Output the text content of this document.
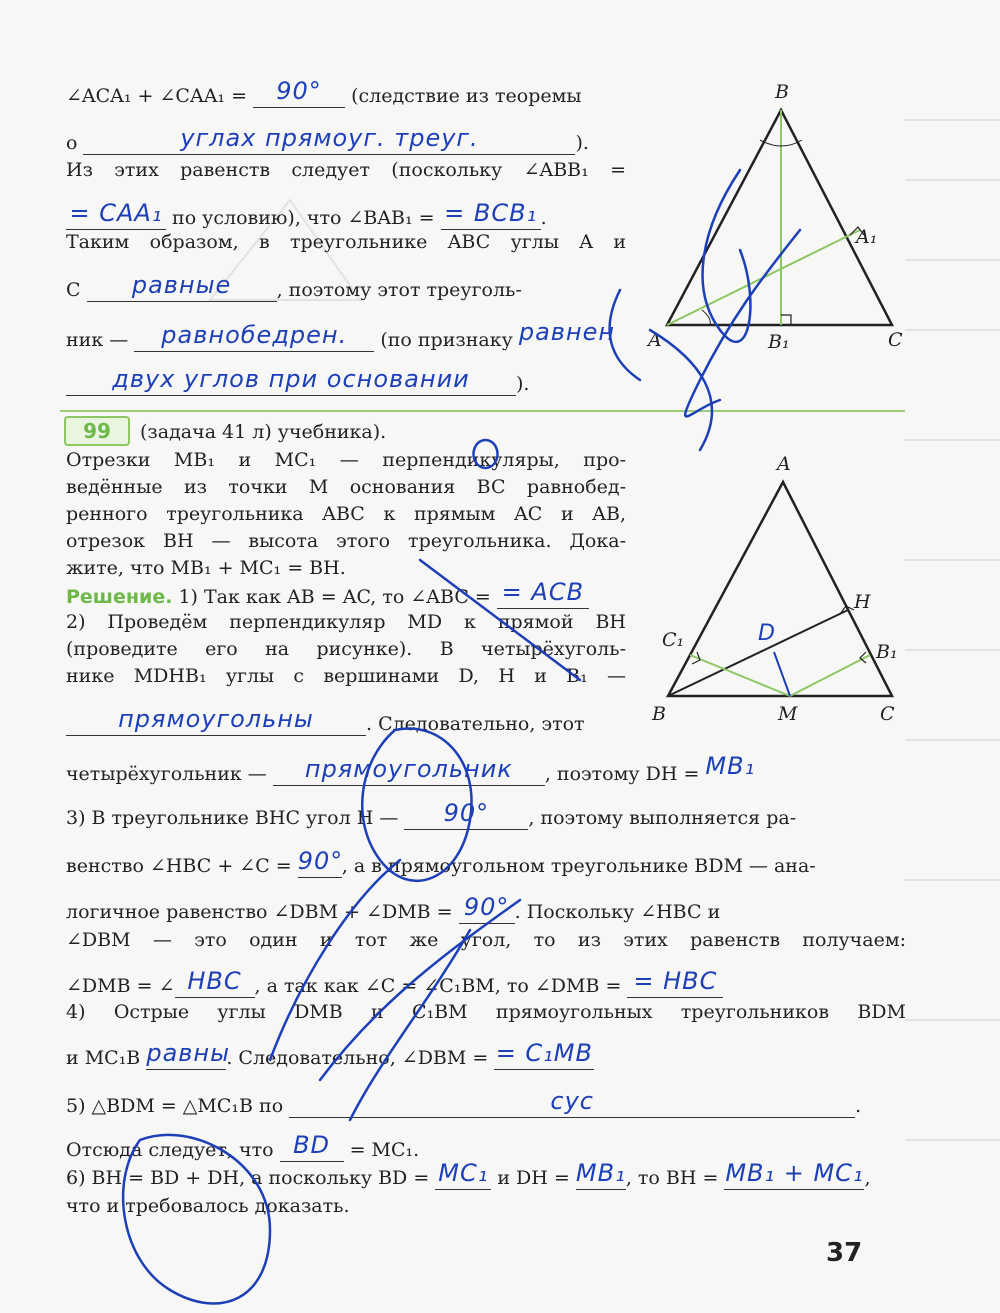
∠ACA₁ + ∠CAA₁ = 90° (следствие из теоремы
о	углах прямоуг. треуг.	).
Из этих равенств следует (поскольку ∠ABB₁ =
= CAA₁ по условию), что ∠BAB₁ = = BCB₁ .
Таким образом, в треугольнике ABC углы A и
C равные , поэтому этот треуголь-
ник — равнобедрен. (по признаку равнен
двух углов при основании ).
99	(задача 41 л) учебника).
Отрезки MB₁ и MC₁ — перпендикуляры, про-
ведённые из точки M основания BC равнобед-
ренного треугольника ABC к прямым AC и AB,
отрезок BH — высота этого треугольника. Дока-
жите, что MB₁ + MC₁ = BH.
Решение. 1) Так как AB = AC, то ∠ABC = = ACB
2) Проведём перпендикуляр MD к прямой BH
(проведите его на рисунке). В четырёхуголь-
нике MDHB₁ углы с вершинами D, H и B₁ —
прямоугольны	. Следовательно, этот
четырёхугольник — прямоугольник , поэтому DH = MB₁
3) В треугольнике BHC угол H — 90° , поэтому выполняется ра-
венство ∠HBC + ∠C = 90°, а в прямоугольном треугольнике BDM — ана-
логичное равенство ∠DBM + ∠DMB = 90° . Поскольку ∠HBC и
∠DBM — это один и тот же угол, то из этих равенств получаем:
∠DMB = ∠ HBC , а так как ∠C = ∠C₁BM, то ∠DMB = = HBC
4) Острые углы DMB и C₁BM прямоугольных треугольников BDM
и MC₁B равны. Следовательно, ∠DBM = = C₁MB
5) △BDM = △MC₁B по	сус	.
Отсюда следует, что BD = MC₁.
6) BH = BD + DH, а поскольку BD = MC₁ и DH = MB₁, то BH = MB₁ + MC₁,
что и требовалось доказать.
37
B
A	C
A₁
B₁
D
A
H
C₁
B₁
B	M	C
